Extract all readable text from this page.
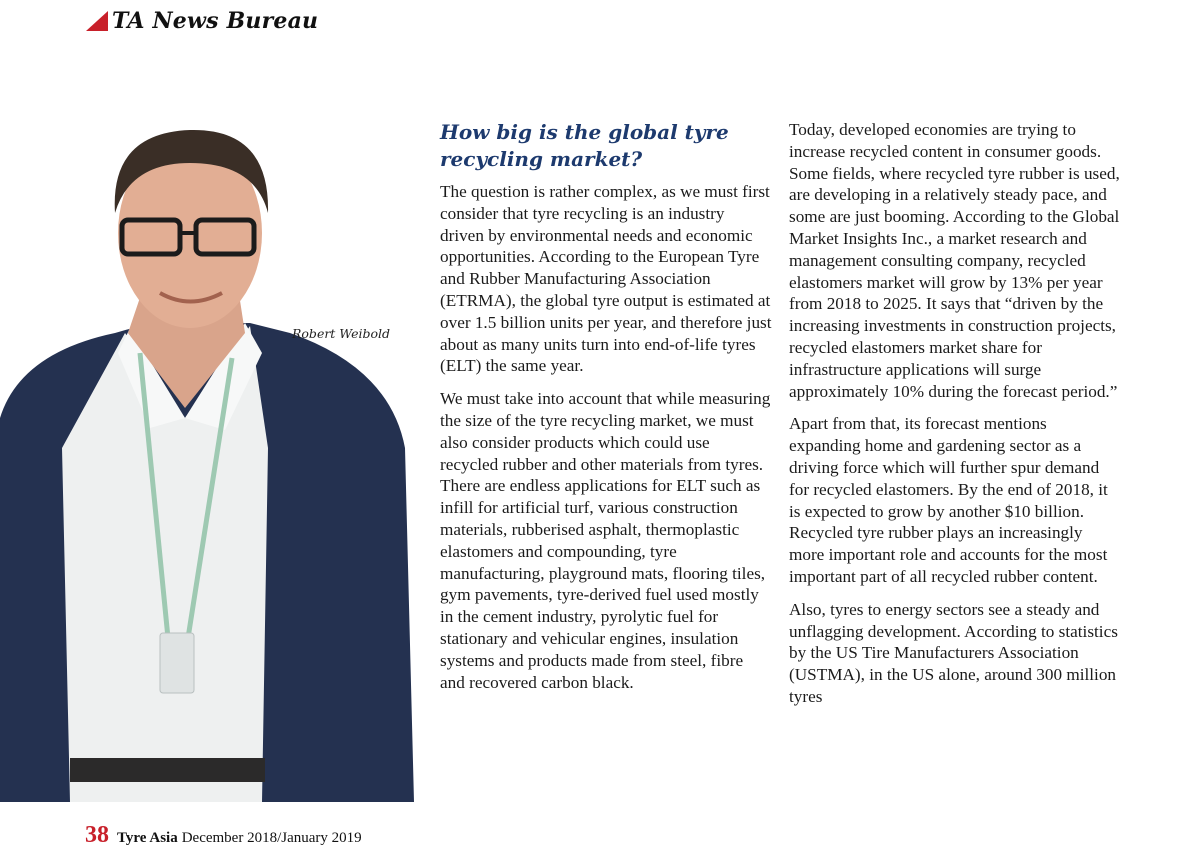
TA News Bureau
Robert Weibold
How big is the global tyre
recycling market?

The question is rather complex, as we must first consider that tyre recycling is an industry driven by environmental needs and economic opportunities. According to the European Tyre and Rubber Manufacturing Association (ETRMA), the global tyre output is estimated at over 1.5 billion units per year, and therefore just about as many units turn into end-of-life tyres (ELT) the same year.

We must take into account that while measuring the size of the tyre recycling market, we must also consider products which could use recycled rubber and other materials from tyres. There are endless applications for ELT such as infill for artificial turf, various construction materials, rubberised asphalt, thermoplastic elastomers and compounding, tyre manufacturing, playground mats, flooring tiles, gym pavements, tyre-derived fuel used mostly in the cement industry, pyrolytic fuel for stationary and vehicular engines, insulation systems and products made from steel, fibre and recovered carbon black.

Today, developed economies are trying to increase recycled content in consumer goods. Some fields, where recycled tyre rubber is used, are developing in a relatively steady pace, and some are just booming. According to the Global Market Insights Inc., a market research and management consulting company, recycled elastomers market will grow by 13% per year from 2018 to 2025. It says that “driven by the increasing investments in construction projects, recycled elastomers market share for infrastructure applications will surge approximately 10% during the forecast period.”

Apart from that, its forecast mentions expanding home and gardening sector as a driving force which will further spur demand for recycled elastomers. By the end of 2018, it is expected to grow by another $10 billion. Recycled tyre rubber plays an increasingly more important role and accounts for the most important part of all recycled rubber content.

Also, tyres to energy sectors see a steady and unflagging development. According to statistics by the US Tire Manufacturers Association (USTMA), in the US alone, around 300 million tyres

38 Tyre Asia December 2018/January 2019
